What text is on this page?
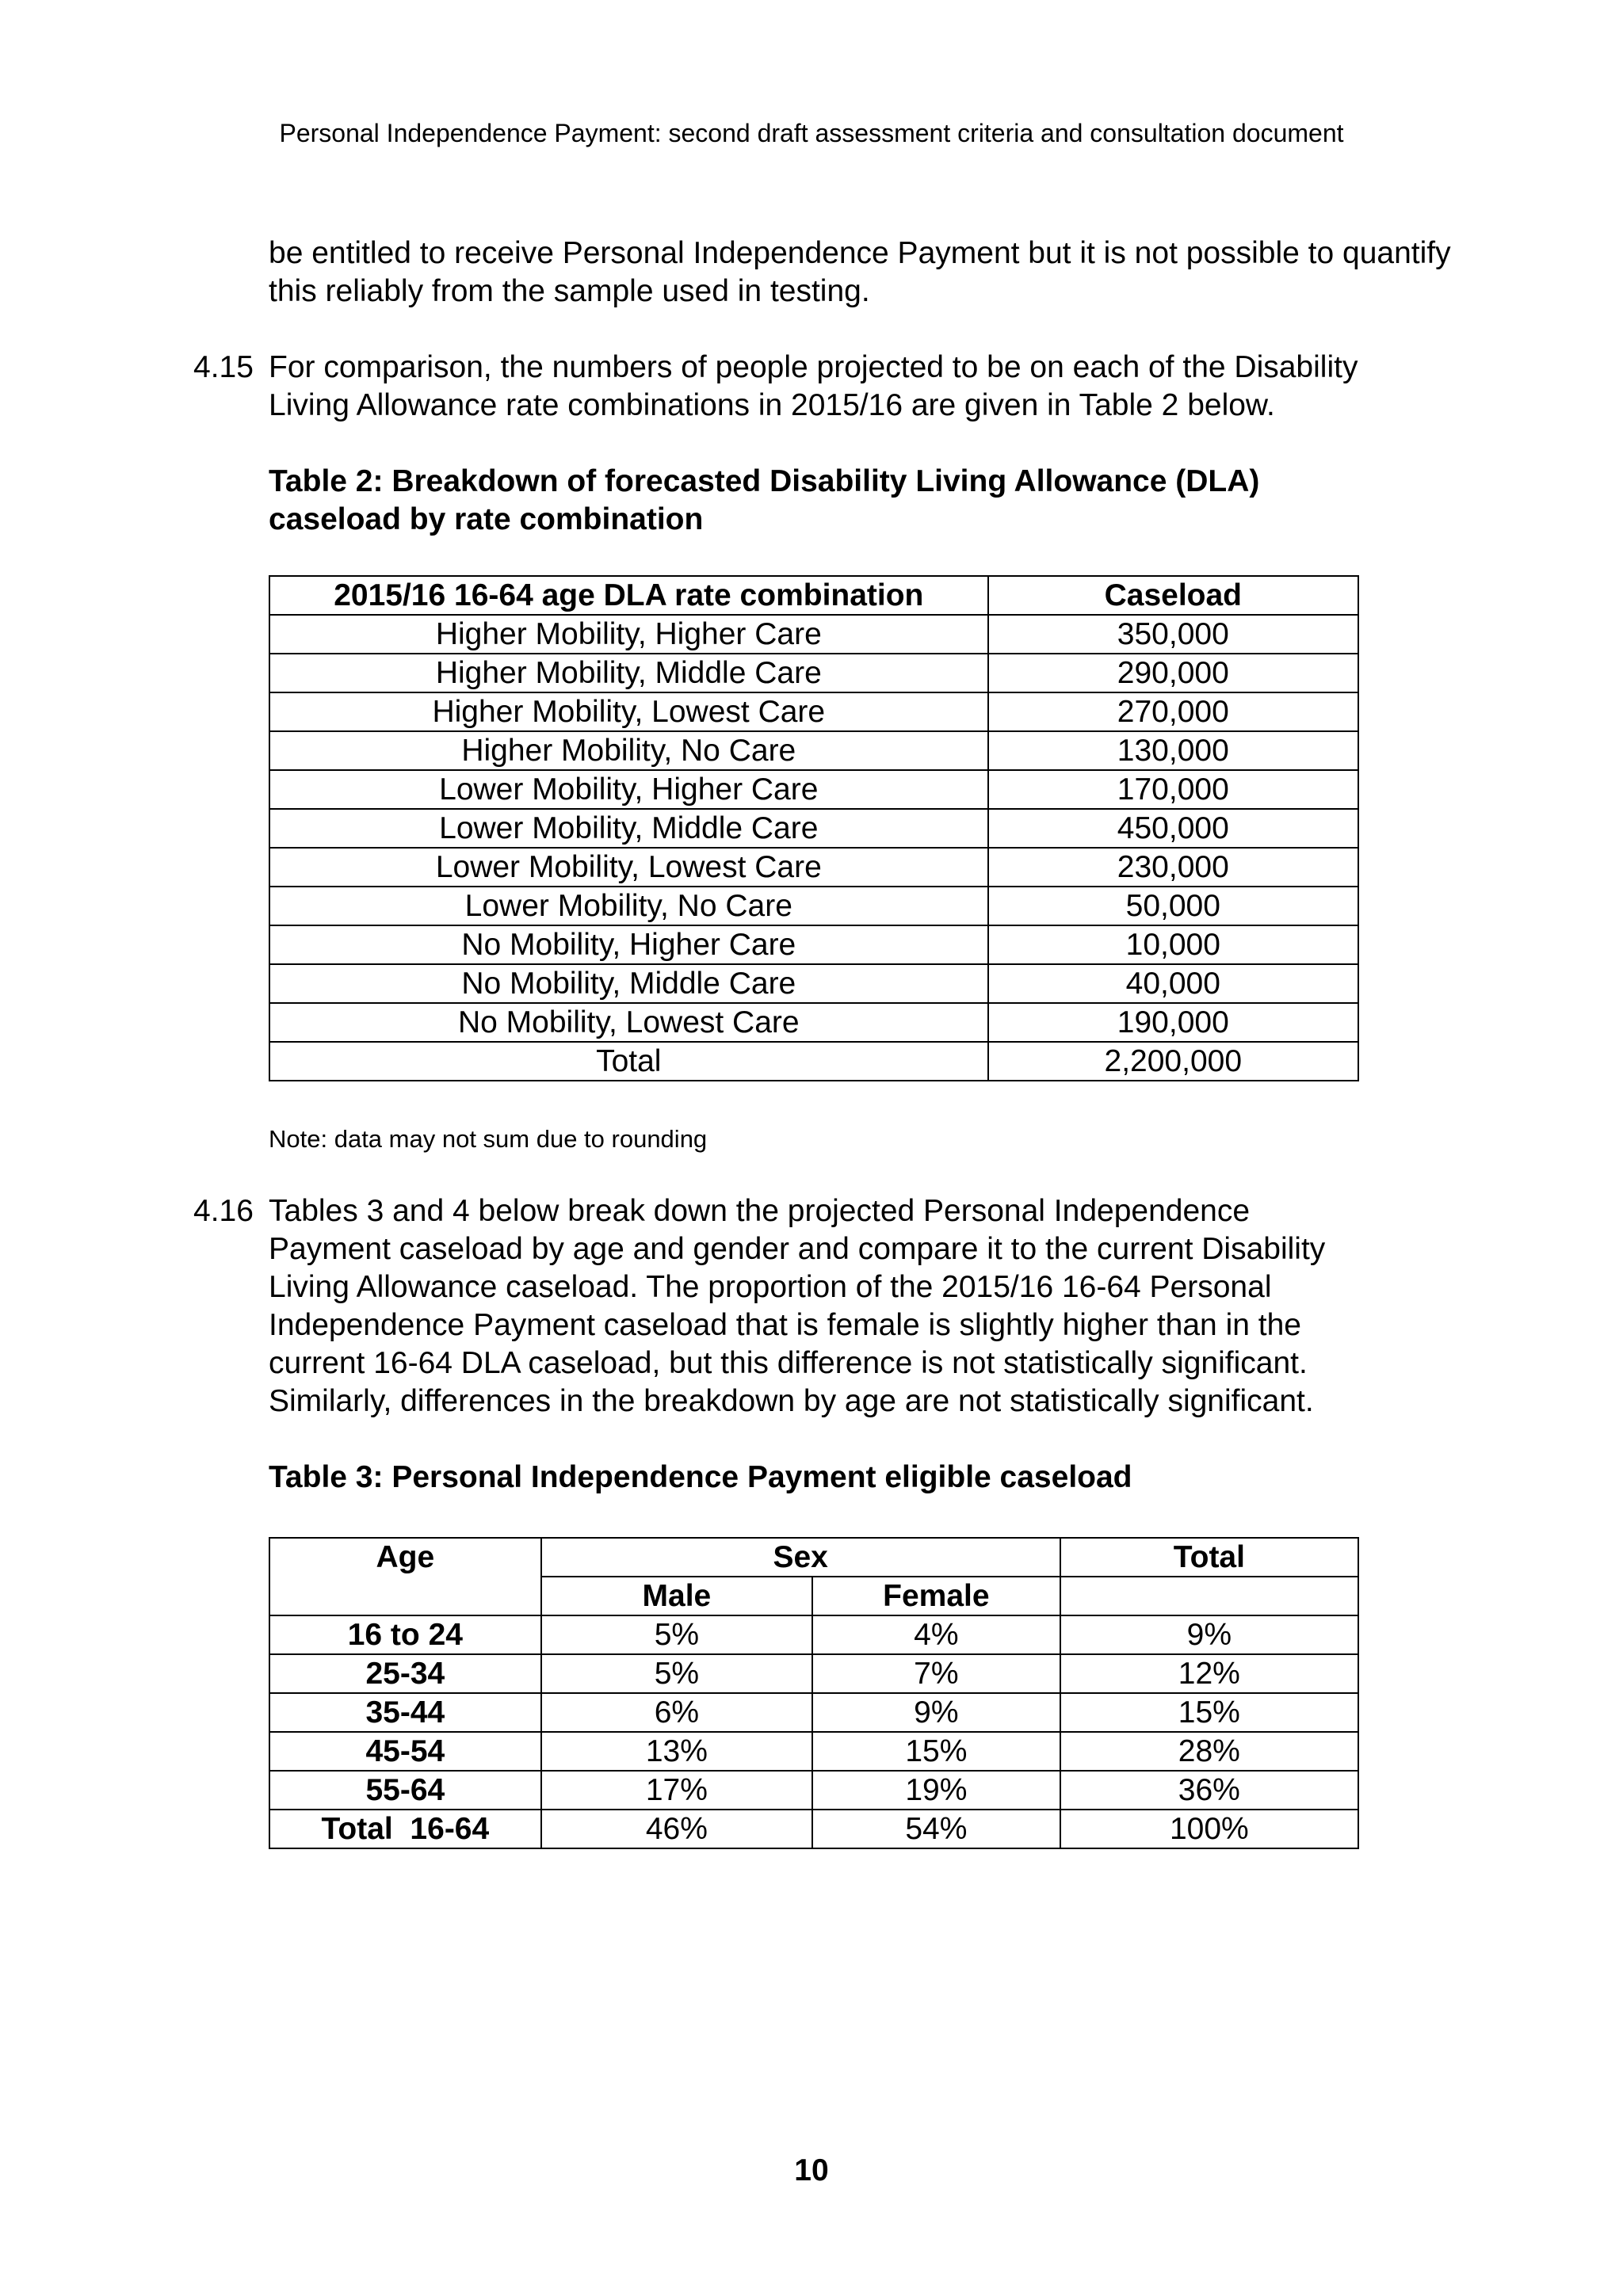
Personal Independence Payment: second draft assessment criteria and consultation document
be entitled to receive Personal Independence Payment but it is not possible to quantify this reliably from the sample used in testing.
4.15 For comparison, the numbers of people projected to be on each of the Disability
Living Allowance rate combinations in 2015/16 are given in Table 2 below.
Table 2: Breakdown of forecasted Disability Living Allowance (DLA)
caseload by rate combination
2015/16 16-64 age DLA rate combination	Caseload
Higher Mobility, Higher Care	350,000
Higher Mobility, Middle Care	290,000
Higher Mobility, Lowest Care	270,000
Higher Mobility, No Care	130,000
Lower Mobility, Higher Care	170,000
Lower Mobility, Middle Care	450,000
Lower Mobility, Lowest Care	230,000
Lower Mobility, No Care	50,000
No Mobility, Higher Care	10,000
No Mobility, Middle Care	40,000
No Mobility, Lowest Care	190,000
Total	2,200,000
Note: data may not sum due to rounding
4.16 Tables 3 and 4 below break down the projected Personal Independence
Payment caseload by age and gender and compare it to the current Disability
Living Allowance caseload. The proportion of the 2015/16 16-64 Personal
Independence Payment caseload that is female is slightly higher than in the
current 16-64 DLA caseload, but this difference is not statistically significant.
Similarly, differences in the breakdown by age are not statistically significant.
Table 3: Personal Independence Payment eligible caseload
Age	Sex		Total
	Male	Female	
16 to 24	5%	4%	9%
25-34	5%	7%	12%
35-44	6%	9%	15%
45-54	13%	15%	28%
55-64	17%	19%	36%
Total  16-64	46%	54%	100%
10
